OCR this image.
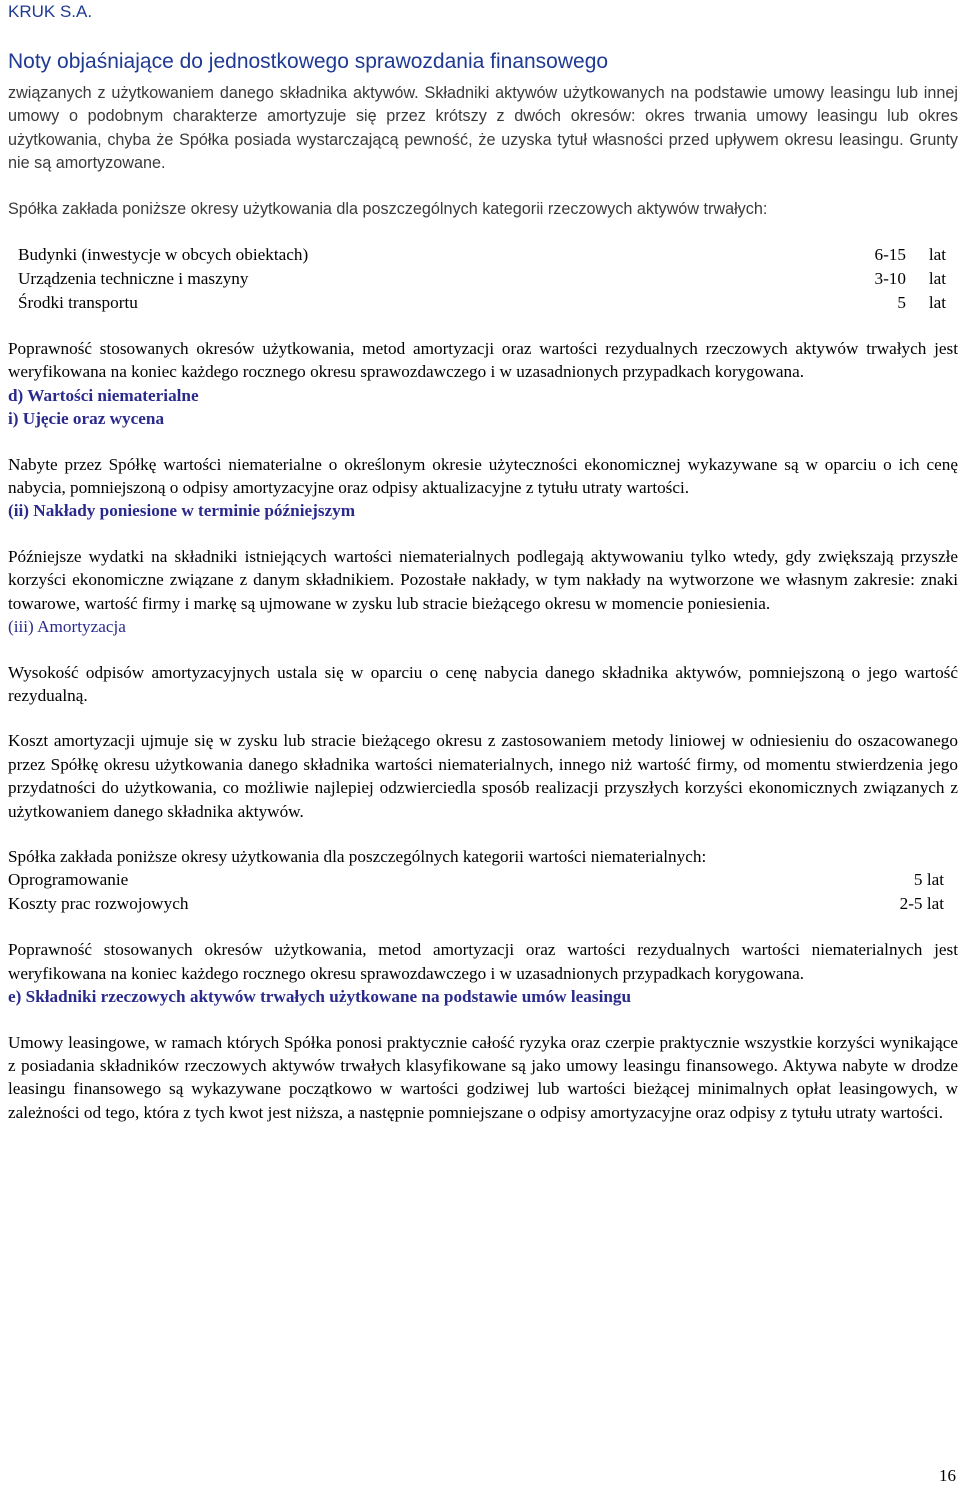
KRUK S.A.
Noty objaśniające do jednostkowego sprawozdania finansowego

związanych z użytkowaniem danego składnika aktywów. Składniki aktywów użytkowanych na podstawie umowy leasingu lub innej umowy o podobnym charakterze amortyzuje się przez krótszy z dwóch okresów: okres trwania umowy leasingu lub okres użytkowania, chyba że Spółka posiada wystarczającą pewność, że uzyska tytuł własności przed upływem okresu leasingu. Grunty nie są amortyzowane.

Spółka zakłada poniższe okresy użytkowania dla poszczególnych kategorii rzeczowych aktywów trwałych:

Budynki (inwestycje w obcych obiektach)	6-15	lat
Urządzenia techniczne i maszyny	3-10	lat
Środki transportu	5	lat

Poprawność stosowanych okresów użytkowania, metod amortyzacji oraz wartości rezydualnych rzeczowych aktywów trwałych jest weryfikowana na koniec każdego rocznego okresu sprawozdawczego i w uzasadnionych przypadkach korygowana.

d) Wartości niematerialne

i) Ujęcie oraz wycena

Nabyte przez Spółkę wartości niematerialne o określonym okresie użyteczności ekonomicznej wykazywane są w oparciu o ich cenę nabycia, pomniejszoną o odpisy amortyzacyjne oraz odpisy aktualizacyjne z tytułu utraty wartości.

(ii) Nakłady poniesione w terminie późniejszym

Późniejsze wydatki na składniki istniejących wartości niematerialnych podlegają aktywowaniu tylko wtedy, gdy zwiększają przyszłe korzyści ekonomiczne związane z danym składnikiem. Pozostałe nakłady, w tym nakłady na wytworzone we własnym zakresie: znaki towarowe, wartość firmy i markę są ujmowane w zysku lub stracie bieżącego okresu w momencie poniesienia.

(iii) Amortyzacja

Wysokość odpisów amortyzacyjnych ustala się w oparciu o cenę nabycia danego składnika aktywów, pomniejszoną o jego wartość rezydualną.

Koszt amortyzacji ujmuje się w zysku lub stracie bieżącego okresu z zastosowaniem metody liniowej w odniesieniu do oszacowanego przez Spółkę okresu użytkowania danego składnika wartości niematerialnych, innego niż wartość firmy, od momentu stwierdzenia jego przydatności do użytkowania, co możliwie najlepiej odzwierciedla sposób realizacji przyszłych korzyści ekonomicznych związanych z użytkowaniem danego składnika aktywów.

Spółka zakłada poniższe okresy użytkowania dla poszczególnych kategorii wartości niematerialnych:

Oprogramowanie	5 lat
Koszty prac rozwojowych	2-5 lat

Poprawność stosowanych okresów użytkowania, metod amortyzacji oraz wartości rezydualnych wartości niematerialnych jest weryfikowana na koniec każdego rocznego okresu sprawozdawczego i w uzasadnionych przypadkach korygowana.

e) Składniki rzeczowych aktywów trwałych użytkowane na podstawie umów leasingu

Umowy leasingowe, w ramach których Spółka ponosi praktycznie całość ryzyka oraz czerpie praktycznie wszystkie korzyści wynikające z posiadania składników rzeczowych aktywów trwałych klasyfikowane są jako umowy leasingu finansowego. Aktywa nabyte w drodze leasingu finansowego są wykazywane początkowo w wartości godziwej lub wartości bieżącej minimalnych opłat leasingowych, w zależności od tego, która z tych kwot jest niższa, a następnie pomniejszane o odpisy amortyzacyjne oraz odpisy z tytułu utraty wartości.

16
